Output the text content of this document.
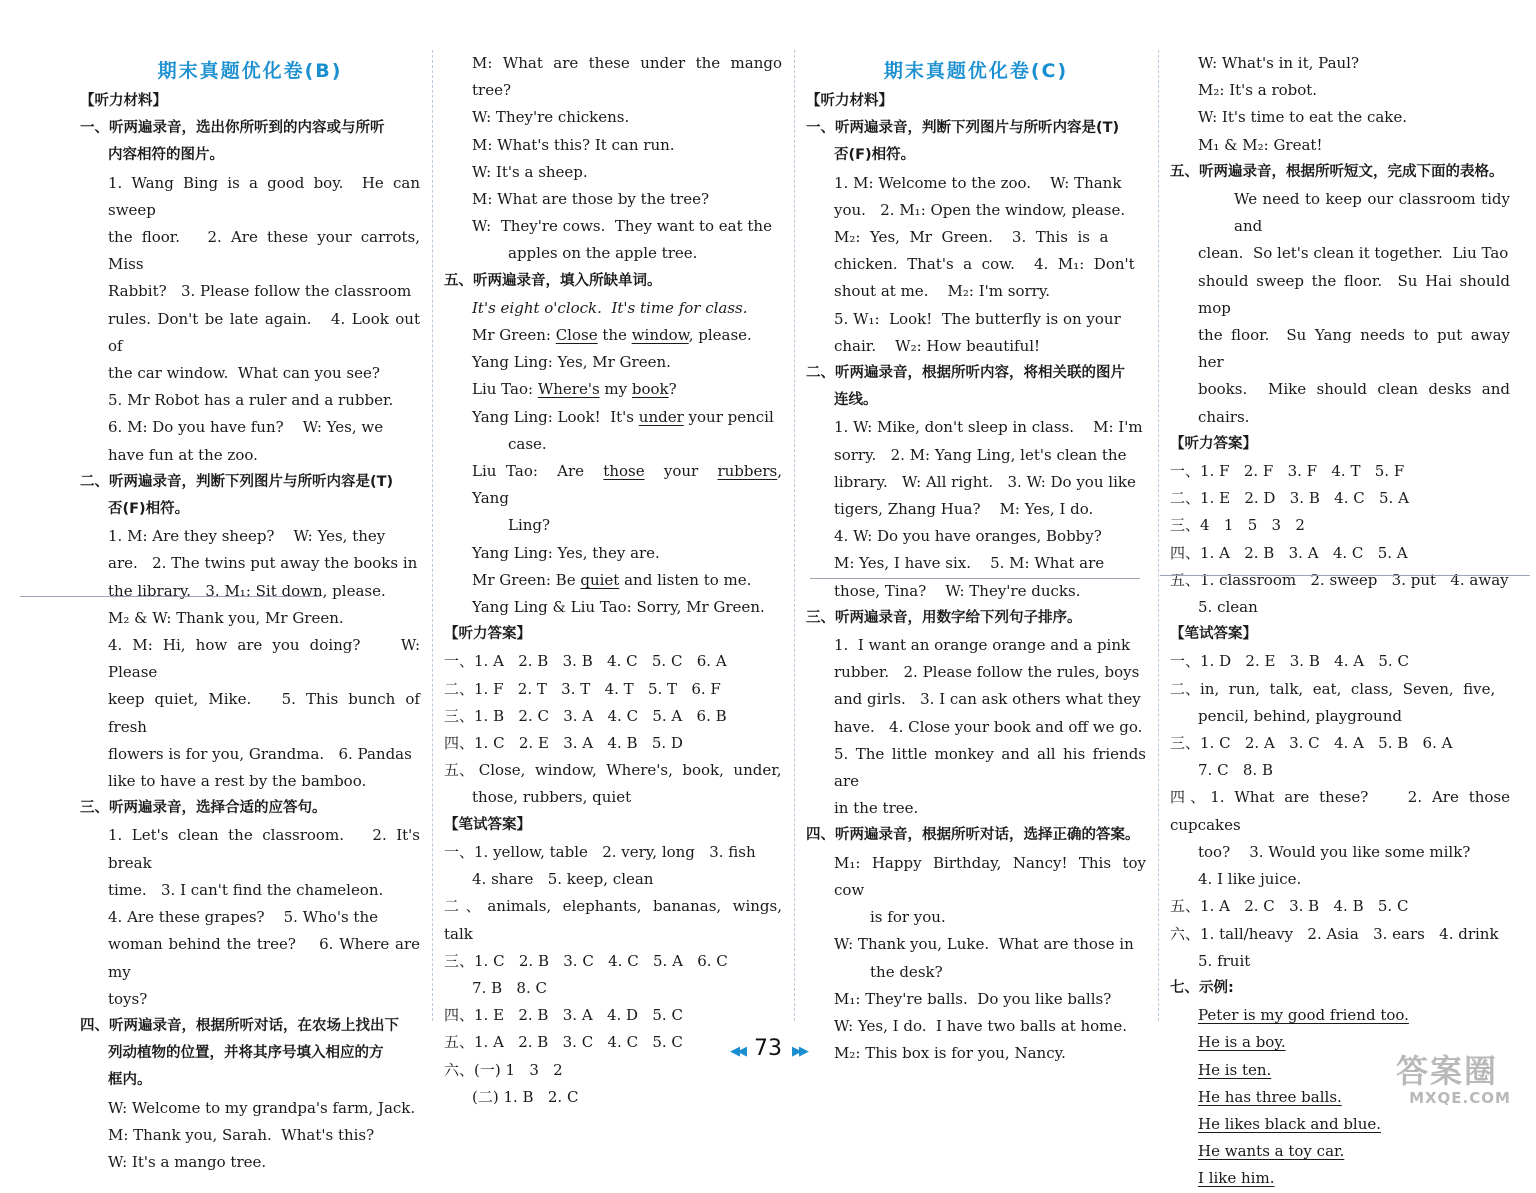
期末真题优化卷(B)

【听力材料】

一、听两遍录音，选出你所听到的内容或与所听

内容相符的图片。

1. Wang Bing is a good boy.  He can sweep

the floor.   2. Are these your carrots, Miss

Rabbit?   3. Please follow the classroom

rules. Don't be late again.   4. Look out of

the car window.  What can you see?

5. Mr Robot has a ruler and a rubber.

6. M: Do you have fun?    W: Yes, we

have fun at the zoo.

二、听两遍录音，判断下列图片与所听内容是(T)

否(F)相符。

1. M: Are they sheep?    W: Yes, they

are.   2. The twins put away the books in

the library.   3. M₁: Sit down, please.

M₂ & W: Thank you, Mr Green.

4. M: Hi, how are you doing?    W: Please

keep quiet, Mike.   5. This bunch of fresh

flowers is for you, Grandma.   6. Pandas

like to have a rest by the bamboo.

三、听两遍录音，选择合适的应答句。

1. Let's clean the classroom.   2. It's break

time.   3. I can't find the chameleon.

4. Are these grapes?    5. Who's the

woman behind the tree?    6. Where are my

toys?

四、听两遍录音，根据所听对话，在农场上找出下

列动植物的位置，并将其序号填入相应的方

框内。

W: Welcome to my grandpa's farm, Jack.

M: Thank you, Sarah.  What's this?

W: It's a mango tree.

M: What are these under the mango tree?

W: They're chickens.

M: What's this? It can run.

W: It's a sheep.

M: What are those by the tree?

W:  They're cows.  They want to eat the

apples on the apple tree.

五、听两遍录音，填入所缺单词。

It's eight o'clock.  It's time for class.

Mr Green: Close the window, please.

Yang Ling: Yes, Mr Green.

Liu Tao: Where's my book?

Yang Ling: Look!  It's under your pencil

case.

Liu Tao:  Are  those  your  rubbers,  Yang

Ling?

Yang Ling: Yes, they are.

Mr Green: Be quiet and listen to me.

Yang Ling & Liu Tao: Sorry, Mr Green.

【听力答案】

一、1. A   2. B   3. B   4. C   5. C   6. A

二、1. F   2. T   3. T   4. T   5. T   6. F

三、1. B   2. C   3. A   4. C   5. A   6. B

四、1. C   2. E   3. A   4. B   5. D

五、 Close,  window,  Where's,  book,  under,

those, rubbers, quiet

【笔试答案】

一、1. yellow, table   2. very, long   3. fish

4. share   5. keep, clean

二、animals, elephants, bananas, wings, talk

三、1. C   2. B   3. C   4. C   5. A   6. C

7. B   8. C

四、1. E   2. B   3. A   4. D   5. C

五、1. A   2. B   3. C   4. C   5. C

六、(一) 1   3   2

(二) 1. B   2. C

期末真题优化卷(C)

【听力材料】

一、听两遍录音，判断下列图片与所听内容是(T)

否(F)相符。

1. M: Welcome to the zoo.    W: Thank

you.   2. M₁: Open the window, please.

M₂:  Yes,  Mr  Green.    3.  This  is  a

chicken.  That's  a  cow.    4.  M₁:  Don't

shout at me.    M₂: I'm sorry.

5. W₁:  Look!  The butterfly is on your

chair.    W₂: How beautiful!

二、听两遍录音，根据所听内容，将相关联的图片

连线。

1. W: Mike, don't sleep in class.    M: I'm

sorry.   2. M: Yang Ling, let's clean the

library.   W: All right.   3. W: Do you like

tigers, Zhang Hua?    M: Yes, I do.

4. W: Do you have oranges, Bobby?

M: Yes, I have six.    5. M: What are

those, Tina?    W: They're ducks.

三、听两遍录音，用数字给下列句子排序。

1.  I want an orange orange and a pink

rubber.   2. Please follow the rules, boys

and girls.   3. I can ask others what they

have.   4. Close your book and off we go.

5. The little monkey and all his friends are

in the tree.

四、听两遍录音，根据所听对话，选择正确的答案。

M₁: Happy Birthday, Nancy! This toy cow

is for you.

W: Thank you, Luke.  What are those in

the desk?

M₁: They're balls.  Do you like balls?

W: Yes, I do.  I have two balls at home.

M₂: This box is for you, Nancy.

W: What's in it, Paul?

M₂: It's a robot.

W: It's time to eat the cake.

M₁ & M₂: Great!

五、听两遍录音，根据所听短文，完成下面的表格。

We need to keep our classroom tidy and

clean.  So let's clean it together.  Liu Tao

should sweep the floor.  Su Hai should mop

the floor.  Su Yang needs to put away her

books.  Mike should clean desks and chairs.

【听力答案】

一、1. F   2. F   3. F   4. T   5. F

二、1. E   2. D   3. B   4. C   5. A

三、4   1   5   3   2

四、1. A   2. B   3. A   4. C   5. A

五、1. classroom   2. sweep   3. put   4. away

5. clean

【笔试答案】

一、1. D   2. E   3. B   4. A   5. C

二、in,  run,  talk,  eat,  class,  Seven,  five,

pencil, behind, playground

三、1. C   2. A   3. C   4. A   5. B   6. A

7. C   8. B

四、1. What are these?    2. Are those cupcakes

too?    3. Would you like some milk?

4. I like juice.

五、1. A   2. C   3. B   4. B   5. C

六、1. tall/heavy   2. Asia   3. ears   4. drink

5. fruit

七、示例:

Peter is my good friend too.

He is a boy.

He is ten.

He has three balls.

He likes black and blue.

He wants a toy car.

I like him.

◀◀ 73 ▶▶
答案圈
MXQE.COM
